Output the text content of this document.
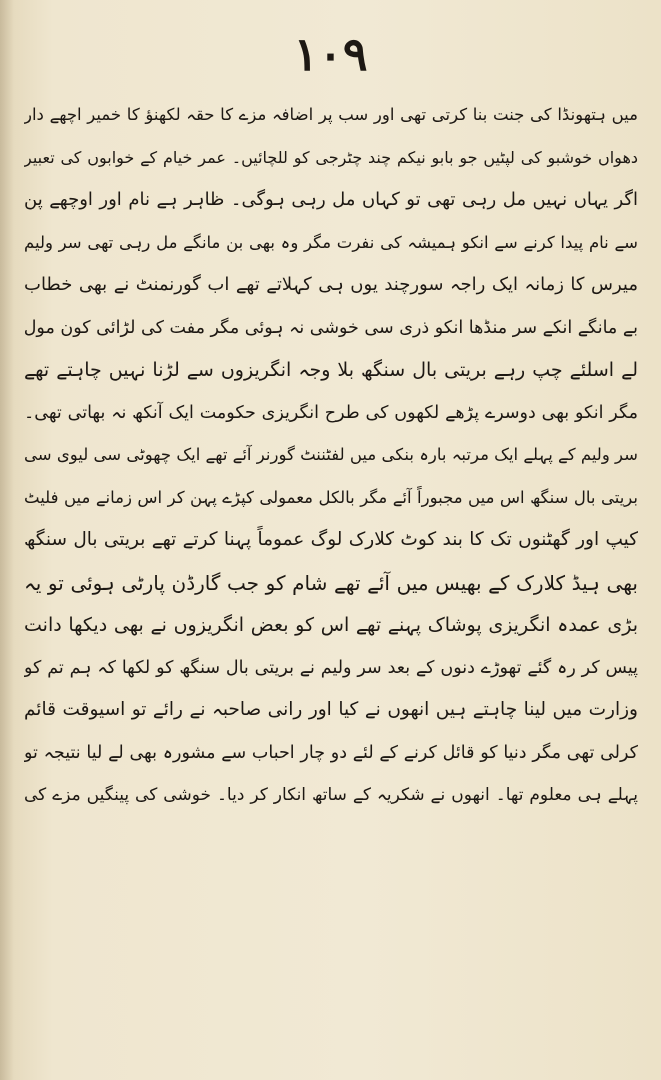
۱۰۹
میں ہتھونڈا کی جنت بنا کرتی تھی اور سب پر اضافہ مزے کا حقہ لکھنؤ کا خمیر اچھے دار
دھواں خوشبو کی لپٹیں جو بابو نیکم چند چٹرجی کو للچائیں۔ عمر خیام کے خوابوں کی تعبیر
اگر یہاں نہیں مل رہی تھی تو کہاں مل رہی ہوگی۔ ظاہر ہے نام اور اوچھے پن
سے نام پیدا کرنے سے انکو ہمیشہ کی نفرت مگر وہ بھی بن مانگے مل رہی تھی سر ولیم
میرس کا زمانہ ایک راجہ سورچند یوں ہی کہلاتے تھے اب گورنمنٹ نے بھی خطاب
بے مانگے انکے سر منڈھا انکو ذری سی خوشی نہ ہوئی مگر مفت کی لڑائی کون مول
لے اسلئے چپ رہے بریتی بال سنگھ بلا وجہ انگریزوں سے لڑنا نہیں چاہتے تھے
مگر انکو بھی دوسرے پڑھے لکھوں کی طرح انگریزی حکومت ایک آنکھ نہ بھاتی تھی۔
سر ولیم کے پہلے ایک مرتبہ بارہ بنکی میں لفٹننٹ گورنر آئے تھے ایک چھوٹی سی لیوی سی
بریتی بال سنگھ اس میں مجبوراً آئے مگر بالکل معمولی کپڑے پہن کر اس زمانے میں فلیٹ
کیپ اور گھٹنوں تک کا بند کوٹ کلارک لوگ عموماً پہنا کرتے تھے بریتی بال سنگھ
بھی ہیڈ کلارک کے بھیس میں آئے تھے شام کو جب گارڈن پارٹی ہوئی تو یہ
بڑی عمدہ انگریزی پوشاک پہنے تھے اس کو بعض انگریزوں نے بھی دیکھا دانت
پیس کر رہ گئے تھوڑے دنوں کے بعد سر ولیم نے بریتی بال سنگھ کو لکھا کہ ہم تم کو
وزارت میں لینا چاہتے ہیں انھوں نے کیا اور رانی صاحبہ نے رائے تو اسیوقت قائم
کرلی تھی مگر دنیا کو قائل کرنے کے لئے دو چار احباب سے مشورہ بھی لے لیا نتیجہ تو
پہلے ہی معلوم تھا۔ انھوں نے شکریہ کے ساتھ انکار کر دیا۔ خوشی کی پینگیں مزے کی
